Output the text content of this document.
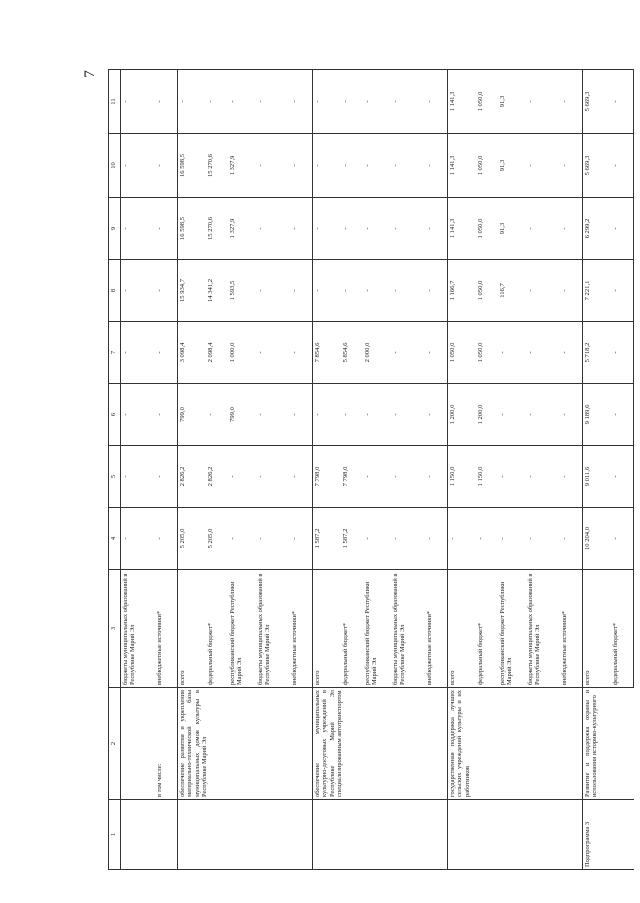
7
1	2	3	4	5	6	7	8	9	10	11
		бюджеты муниципальных образований в Республике Марий Эл	-	-	-	-	-	-	-	-
	в том числе:	внебюджетные источники*	-	-	-	-	-	-	-	-
	обеспечение развития и укрепления материально-технической базы муниципальных домов культуры в Республике Марий Эл	всего	5 205,0	2 826,2	799,0	3 098,4	15 934,7	16 598,5	16 598,5	-
		федеральный бюджет*	5 205,0	2 826,2	-	2 098,4	14 341,2	15 270,6	15 270,6	-
		республиканский бюджет Республики Марий Эл	-	-	799,0	1 000,0	1 593,5	1 327,9	1 327,9	-
		бюджеты муниципальных образований в Республике Марий Эл	-	-	-	-	-	-	-	-
		внебюджетные источники*	-	-	-	-	-	-	-	-
	обеспечение муниципальных культурно-досуговых учреждений в Республике Марий Эл специализированным автотранспортом	всего	1 587,2	7 798,0	-	7 854,6	-	-	-	-
		федеральный бюджет*	1 587,2	7 798,0	-	5 854,6	-	-	-	-
		республиканский бюджет Республики Марий Эл	-	-	-	2 000,0	-	-	-	-
		бюджеты муниципальных образований в Республике Марий Эл	-	-	-	-	-	-	-	-
		внебюджетные источники*	-	-	-	-	-	-	-	-
	государственная поддержка лучших сельских учреждений культуры и их работников	всего	-	1 150,0	1 200,0	1 050,0	1 166,7	1 141,3	1 141,3	1 141,3
		федеральный бюджет*	-	1 150,0	1 200,0	1 050,0	1 050,0	1 050,0	1 050,0	1 050,0
		республиканский бюджет Республики Марий Эл	-	-	-	-	116,7	91,3	91,3	91,3
		бюджеты муниципальных образований в Республике Марий Эл	-	-	-	-	-	-	-	-
		внебюджетные источники*	-	-	-	-	-	-	-	-
Подпрограмма 3	Развитие и поддержка охраны и использования историко-культурного	всего	10 204,0	9 011,6	9 189,6	5 718,2	7 221,1	6 299,2	5 669,3	5 669,3
		федеральный бюджет*	-	-	-	-	-	-	-	-
